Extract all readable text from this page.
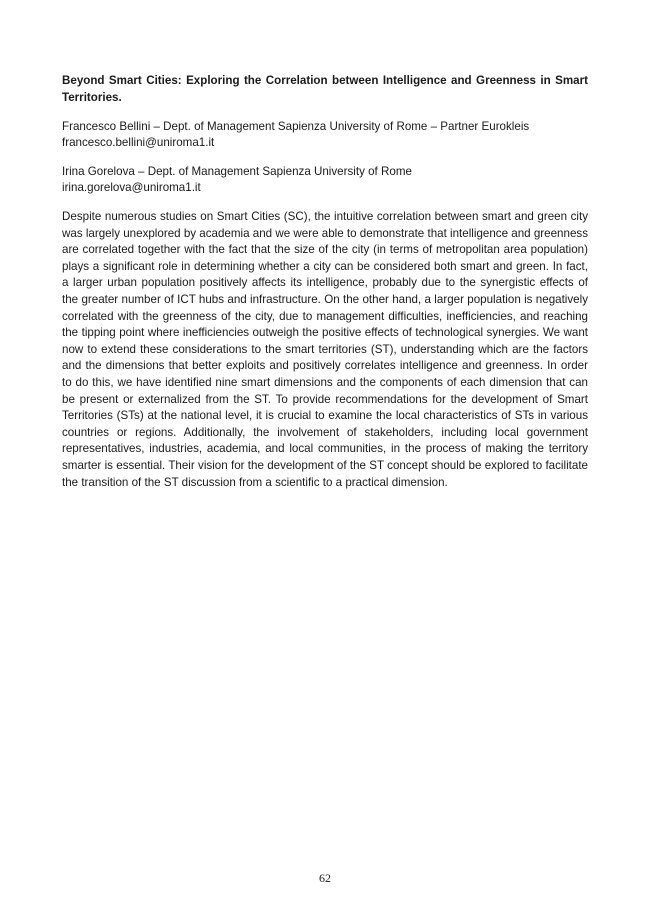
Beyond Smart Cities: Exploring the Correlation between Intelligence and Greenness in Smart Territories.

Francesco Bellini – Dept. of Management Sapienza University of Rome – Partner Eurokleis
francesco.bellini@uniroma1.it
Irina Gorelova – Dept. of Management Sapienza University of Rome
irina.gorelova@uniroma1.it

Despite numerous studies on Smart Cities (SC), the intuitive correlation between smart and green city was largely unexplored by academia and we were able to demonstrate that intelligence and greenness are correlated together with the fact that the size of the city (in terms of metropolitan area population) plays a significant role in determining whether a city can be considered both smart and green. In fact, a larger urban population positively affects its intelligence, probably due to the synergistic effects of the greater number of ICT hubs and infrastructure. On the other hand, a larger population is negatively correlated with the greenness of the city, due to management difficulties, inefficiencies, and reaching the tipping point where inefficiencies outweigh the positive effects of technological synergies. We want now to extend these considerations to the smart territories (ST), understanding which are the factors and the dimensions that better exploits and positively correlates intelligence and greenness. In order to do this, we have identified nine smart dimensions and the components of each dimension that can be present or externalized from the ST. To provide recommendations for the development of Smart Territories (STs) at the national level, it is crucial to examine the local characteristics of STs in various countries or regions. Additionally, the involvement of stakeholders, including local government representatives, industries, academia, and local communities, in the process of making the territory smarter is essential. Their vision for the development of the ST concept should be explored to facilitate the transition of the ST discussion from a scientific to a practical dimension.

62
